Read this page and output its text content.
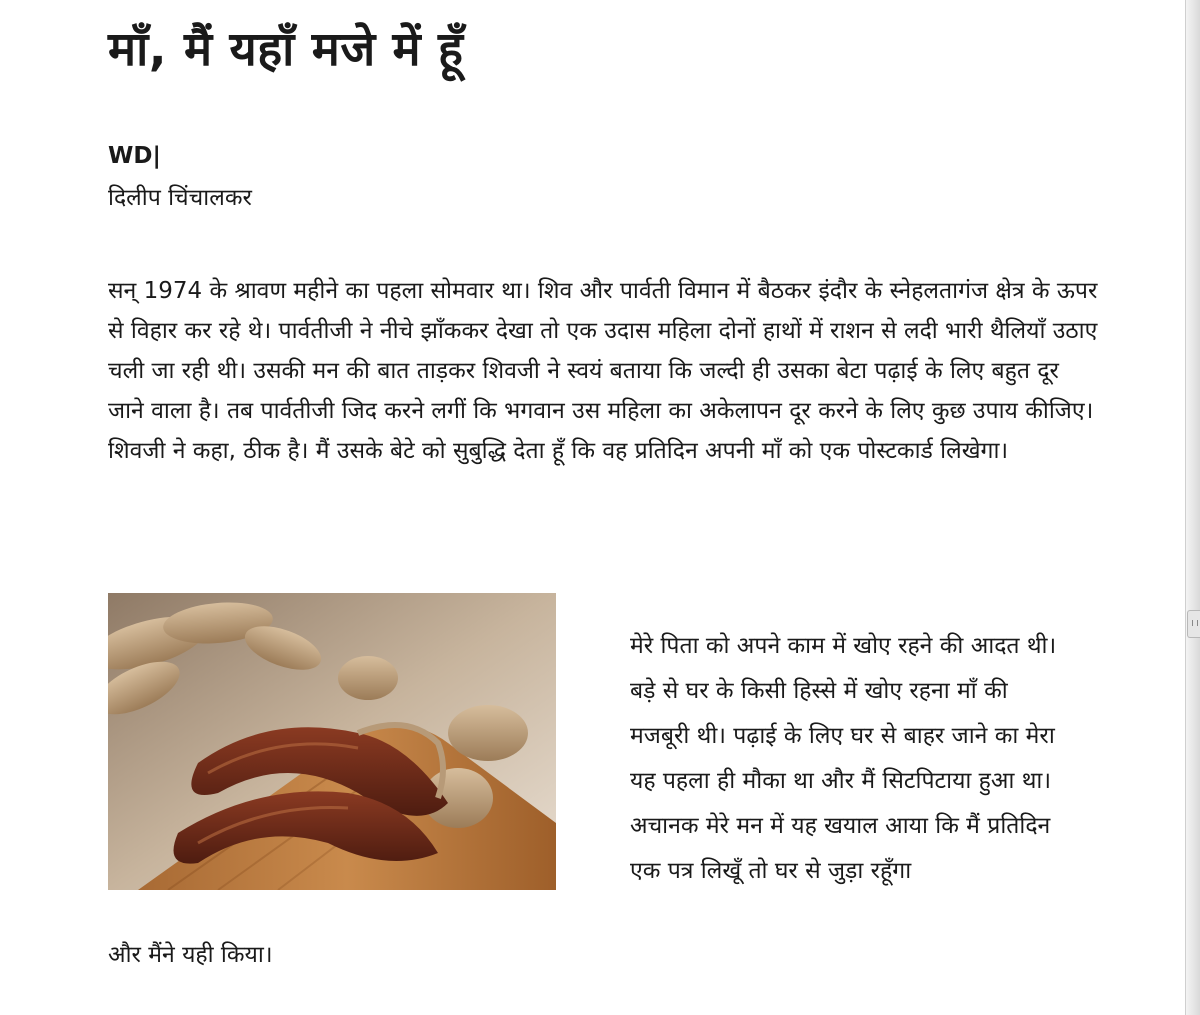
माँ, मैं यहाँ मजे में हूँ
WD|
दिलीप चिंचालकर

सन् 1974 के श्रावण महीने का पहला सोमवार था। शिव और पार्वती विमान में बैठकर इंदौर के स्नेहलतागंज क्षेत्र के ऊपर से विहार कर रहे थे। पार्वतीजी ने नीचे झाँककर देखा तो एक उदास महिला दोनों हाथों में राशन से लदी भारी थैलियाँ उठाए चली जा रही थी। उसकी मन की बात ताड़कर शिवजी ने स्वयं बताया कि जल्दी ही उसका बेटा पढ़ाई के लिए बहुत दूर जाने वाला है। तब पार्वतीजी जिद करने लगीं कि भगवान उस महिला का अकेलापन दूर करने के लिए कुछ उपाय कीजिए। शिवजी ने कहा, ठीक है। मैं उसके बेटे को सुबुद्धि देता हूँ कि वह प्रतिदिन अपनी माँ को एक पोस्टकार्ड लिखेगा।

मेरे पिता को अपने काम में खोए रहने की आदत थी। बड़े से घर के किसी हिस्से में खोए रहना माँ की मजबूरी थी। पढ़ाई के लिए घर से बाहर जाने का मेरा यह पहला ही मौका था और मैं सिटपिटाया हुआ था। अचानक मेरे मन में यह खयाल आया कि मैं प्रतिदिन एक पत्र लिखूँ तो घर से जुड़ा रहूँगा

और मैंने यही किया।
